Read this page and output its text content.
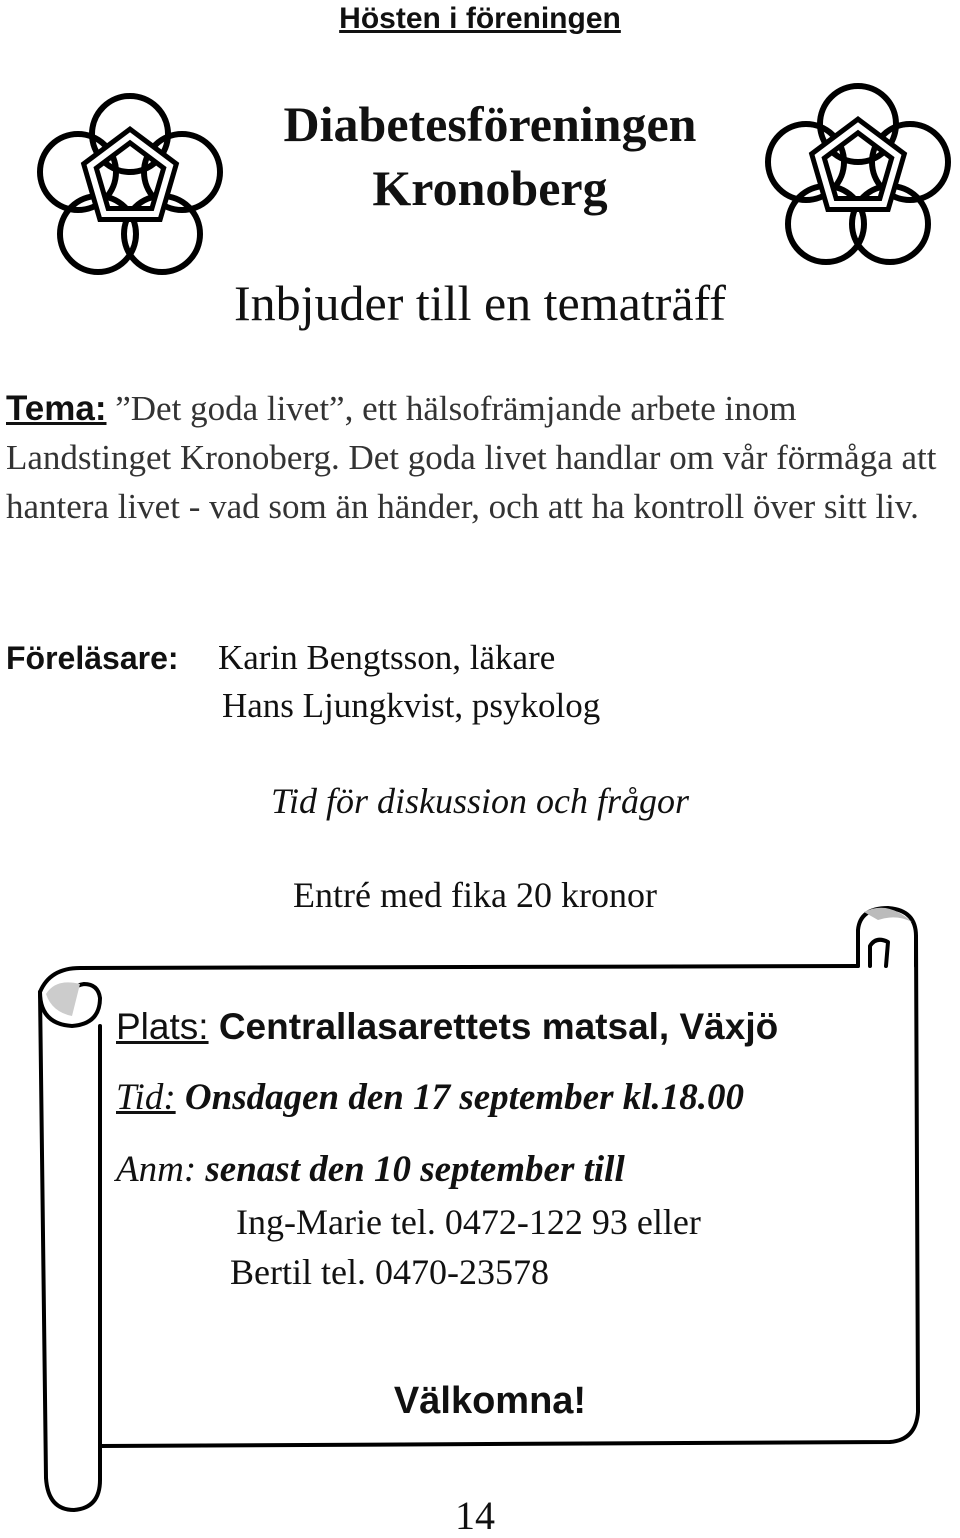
Hösten i föreningen
Diabetesföreningen
Kronoberg
Inbjuder till en tematräff
Tema: ”Det goda livet”, ett hälsofrämjande arbete inom Landstinget Kronoberg. Det goda livet handlar om vår förmåga att hantera livet - vad som än händer, och att ha kontroll över sitt liv.
Föreläsare: Karin Bengtsson, läkare
Hans Ljungkvist, psykolog
Tid för diskussion och frågor
Entré med fika 20 kronor
Plats: Centrallasarettets matsal, Växjö
Tid: Onsdagen den 17 september kl.18.00
Anm: senast den 10 september till
Ing-Marie tel. 0472-122 93 eller
Bertil tel. 0470-23578
Välkomna!
14
